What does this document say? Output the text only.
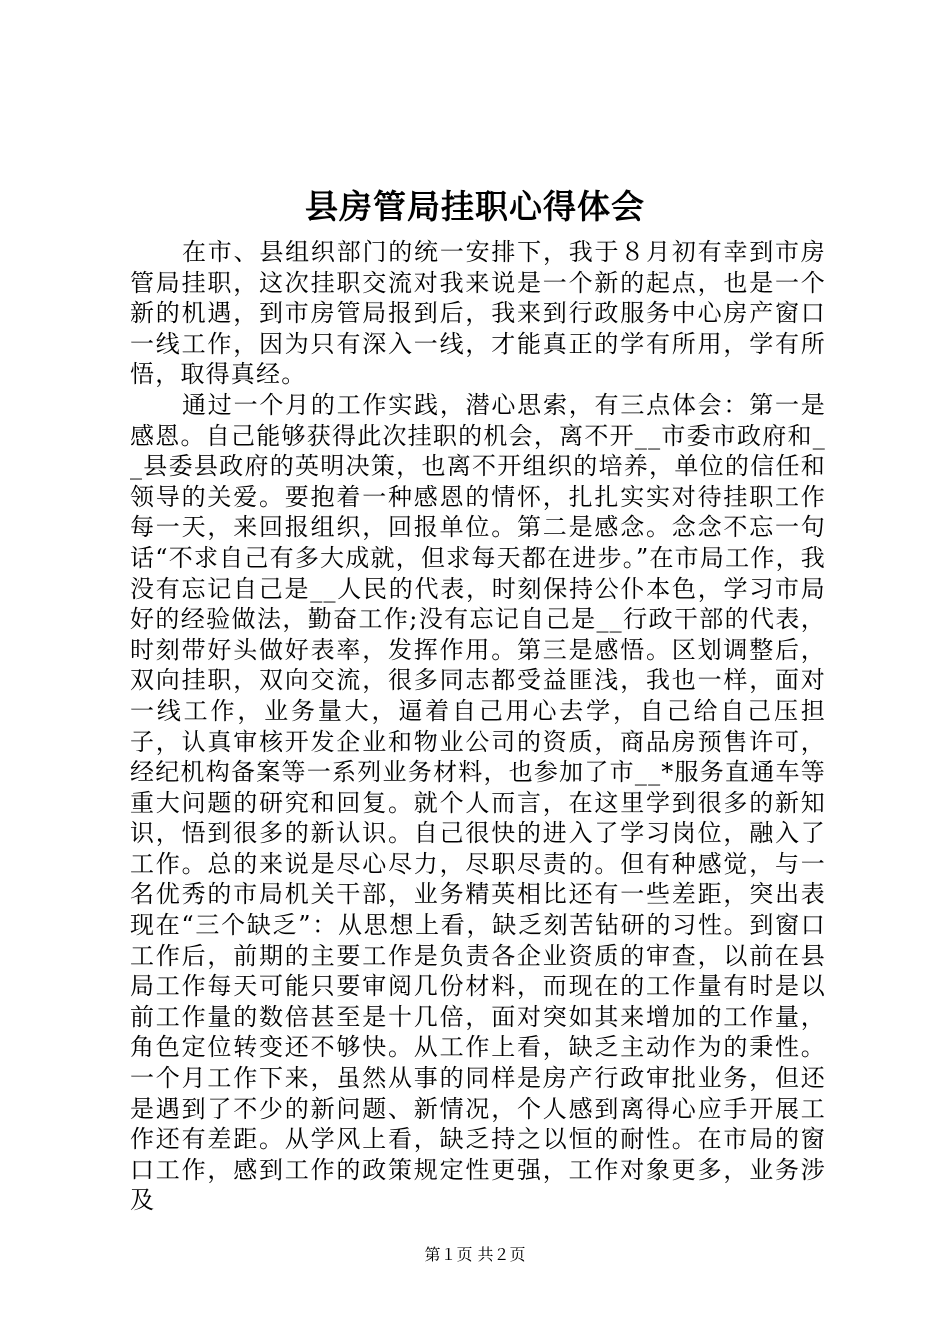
县房管局挂职心得体会

在市、县组织部门的统一安排下，我于８月初有幸到市房管局挂职，这次挂职交流对我来说是一个新的起点，也是一个新的机遇，到市房管局报到后，我来到行政服务中心房产窗口一线工作，因为只有深入一线，才能真正的学有所用，学有所悟，取得真经。

通过一个月的工作实践，潜心思索，有三点体会：第一是感恩。自己能够获得此次挂职的机会，离不开__市委市政府和__县委县政府的英明决策，也离不开组织的培养，单位的信任和领导的关爱。要抱着一种感恩的情怀，扎扎实实对待挂职工作每一天，来回报组织，回报单位。第二是感念。念念不忘一句话“不求自己有多大成就，但求每天都在进步。”在市局工作，我没有忘记自己是__人民的代表，时刻保持公仆本色，学习市局好的经验做法，勤奋工作;没有忘记自己是__行政干部的代表，时刻带好头做好表率，发挥作用。第三是感悟。区划调整后，双向挂职，双向交流，很多同志都受益匪浅，我也一样，面对一线工作，业务量大，逼着自己用心去学，自己给自己压担子，认真审核开发企业和物业公司的资质，商品房预售许可，经纪机构备案等一系列业务材料，也参加了市__*服务直通车等重大问题的研究和回复。就个人而言，在这里学到很多的新知识，悟到很多的新认识。自己很快的进入了学习岗位，融入了工作。总的来说是尽心尽力，尽职尽责的。但有种感觉，与一名优秀的市局机关干部，业务精英相比还有一些差距，突出表现在“三个缺乏”：从思想上看，缺乏刻苦钻研的习性。到窗口工作后，前期的主要工作是负责各企业资质的审查，以前在县局工作每天可能只要审阅几份材料，而现在的工作量有时是以前工作量的数倍甚至是十几倍，面对突如其来增加的工作量，角色定位转变还不够快。从工作上看，缺乏主动作为的秉性。一个月工作下来，虽然从事的同样是房产行政审批业务，但还是遇到了不少的新问题、新情况，个人感到离得心应手开展工作还有差距。从学风上看，缺乏持之以恒的耐性。在市局的窗口工作，感到工作的政策规定性更强，工作对象更多，业务涉及

第１页 共２页
